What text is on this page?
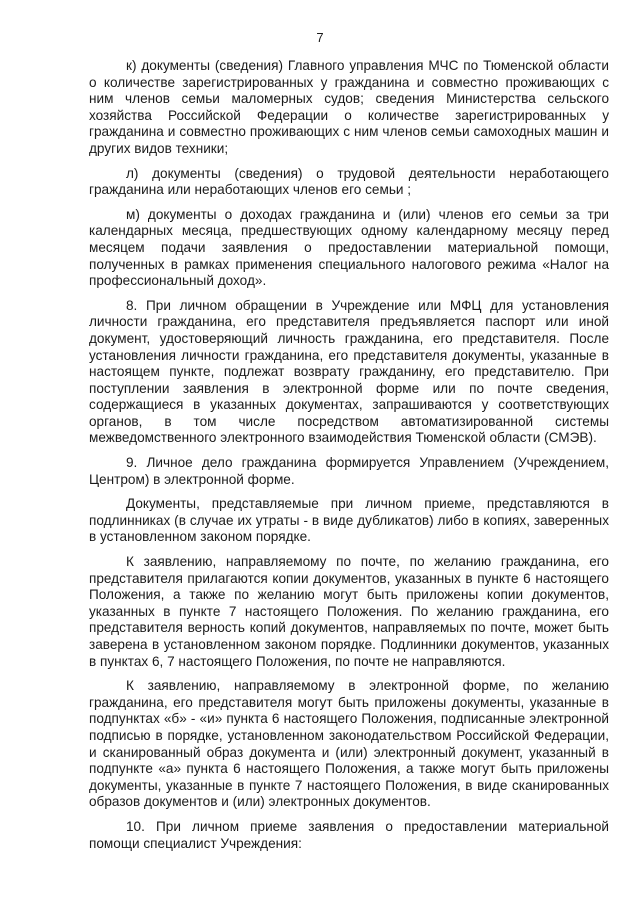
7

к) документы (сведения) Главного управления МЧС по Тюменской области о количестве зарегистрированных у гражданина и совместно проживающих с ним членов семьи маломерных судов; сведения Министерства сельского хозяйства Российской Федерации о количестве зарегистрированных у гражданина и совместно проживающих с ним членов семьи самоходных машин и других видов техники;

л) документы (сведения) о трудовой деятельности неработающего гражданина или неработающих членов его семьи ;

м) документы о доходах гражданина и (или) членов его семьи за три календарных месяца, предшествующих одному календарному месяцу перед месяцем подачи заявления о предоставлении материальной помощи, полученных в рамках применения специального налогового режима «Налог на профессиональный доход».

8. При личном обращении в Учреждение или МФЦ для установления личности гражданина, его представителя предъявляется паспорт или иной документ, удостоверяющий личность гражданина, его представителя. После установления личности гражданина, его представителя документы, указанные в настоящем пункте, подлежат возврату гражданину, его представителю. При поступлении заявления в электронной форме или по почте сведения, содержащиеся в указанных документах, запрашиваются у соответствующих органов, в том числе посредством автоматизированной системы межведомственного электронного взаимодействия Тюменской области (СМЭВ).

9. Личное дело гражданина формируется Управлением (Учреждением, Центром) в электронной форме.

Документы, представляемые при личном приеме, представляются в подлинниках (в случае их утраты - в виде дубликатов) либо в копиях, заверенных в установленном законом порядке.

К заявлению, направляемому по почте, по желанию гражданина, его представителя прилагаются копии документов, указанных в пункте 6 настоящего Положения, а также по желанию могут быть приложены копии документов, указанных в пункте 7 настоящего Положения. По желанию гражданина, его представителя верность копий документов, направляемых по почте, может быть заверена в установленном законом порядке. Подлинники документов, указанных в пунктах 6, 7 настоящего Положения, по почте не направляются.

К заявлению, направляемому в электронной форме, по желанию гражданина, его представителя могут быть приложены документы, указанные в подпунктах «б» - «и» пункта 6 настоящего Положения, подписанные электронной подписью в порядке, установленном законодательством Российской Федерации, и сканированный образ документа и (или) электронный документ, указанный в подпункте «а» пункта 6 настоящего Положения, а также могут быть приложены документы, указанные в пункте 7 настоящего Положения, в виде сканированных образов документов и (или) электронных документов.

10. При личном приеме заявления о предоставлении материальной помощи специалист Учреждения:
